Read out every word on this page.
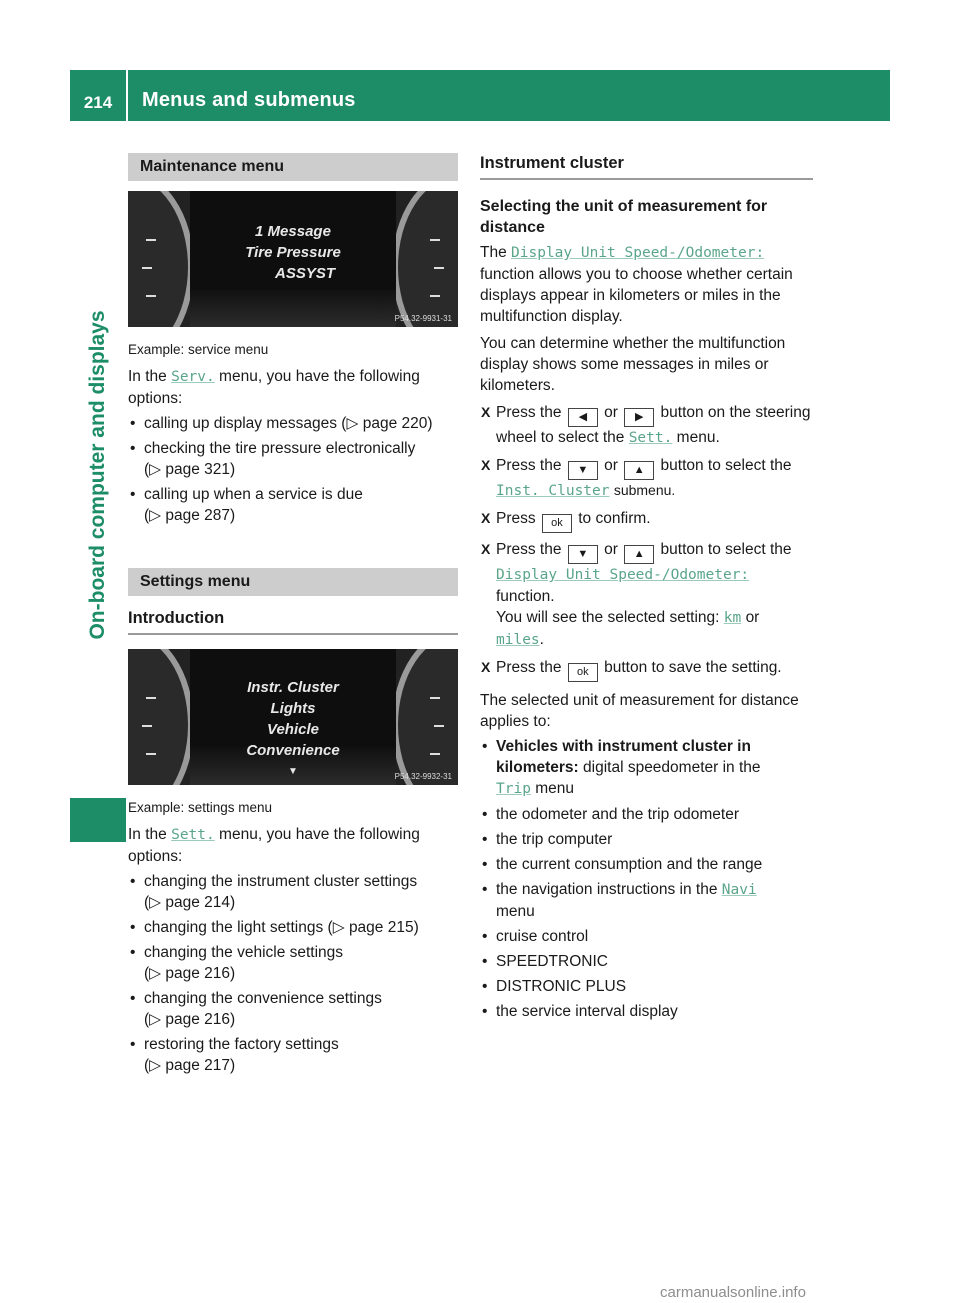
214	Menus and submenus
On-board computer and displays
Maintenance menu
1 Message
Tire Pressure
ASSYST
P54.32-9931-31

Example: service menu

In the Serv. menu, you have the following options:

• calling up display messages (▷ page 220)
• checking the tire pressure electronically
(▷ page 321)
• calling up when a service is due
(▷ page 287)
Settings menu
Introduction
Instr. Cluster
Lights
Vehicle
Convenience
▼	P54.32-9932-31

Example: settings menu

In the Sett. menu, you have the following options:

• changing the instrument cluster settings
(▷ page 214)
• changing the light settings (▷ page 215)
• changing the vehicle settings
(▷ page 216)
• changing the convenience settings
(▷ page 216)
• restoring the factory settings
(▷ page 217)
Instrument cluster

Selecting the unit of measurement for distance

The Display Unit Speed-/Odometer:
function allows you to choose whether certain displays appear in kilometers or miles in the multifunction display.

You can determine whether the multifunction display shows some messages in miles or kilometers.

X Press the ◀ or ▶ button on the steering wheel to select the Sett. menu.
X Press the ▼ or ▲ button to select the
Inst. Cluster submenu.
X Press ok to confirm.
X Press the ▼ or ▲ button to select the
Display Unit Speed-/Odometer:
function.
You will see the selected setting: km or
miles.
X Press the ok button to save the setting.

The selected unit of measurement for distance applies to:

• Vehicles with instrument cluster in kilometers: digital speedometer in the
Trip menu
• the odometer and the trip odometer
• the trip computer
• the current consumption and the range
• the navigation instructions in the Navi
menu
• cruise control
• SPEEDTRONIC
• DISTRONIC PLUS
• the service interval display
carmanualsonline.info
